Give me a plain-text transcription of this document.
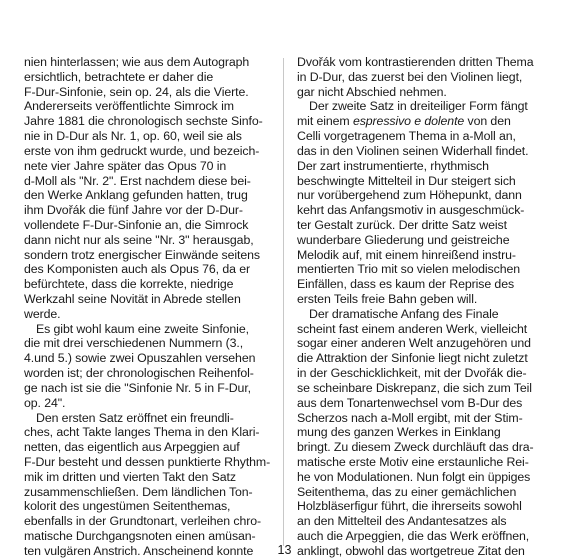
nien hinterlassen; wie aus dem Autograph
ersichtlich, betrachtete er daher die
F-Dur-Sinfonie, sein op. 24, als die Vierte.
Andererseits veröffentlichte Simrock im
Jahre 1881 die chronologisch sechste Sinfo-
nie in D-Dur als Nr. 1, op. 60, weil sie als
erste von ihm gedruckt wurde, und bezeich-
nete vier Jahre später das Opus 70 in
d-Moll als "Nr. 2". Erst nachdem diese bei-
den Werke Anklang gefunden hatten, trug
ihm Dvořák die fünf Jahre vor der D-Dur-
vollendete F-Dur-Sinfonie an, die Simrock
dann nicht nur als seine "Nr. 3" herausgab,
sondern trotz energischer Einwände seitens
des Komponisten auch als Opus 76, da er
befürchtete, dass die korrekte, niedrige
Werkzahl seine Novität in Abrede stellen
werde.
Es gibt wohl kaum eine zweite Sinfonie,
die mit drei verschiedenen Nummern (3.,
4.und 5.) sowie zwei Opuszahlen versehen
worden ist; der chronologischen Reihenfol-
ge nach ist sie die "Sinfonie Nr. 5 in F-Dur,
op. 24".
Den ersten Satz eröffnet ein freundli-
ches, acht Takte langes Thema in den Klari-
netten, das eigentlich aus Arpeggien auf
F-Dur besteht und dessen punktierte Rhythm-
mik im dritten und vierten Takt den Satz
zusammenschließen. Dem ländlichen Ton-
kolorit des ungestümen Seitenthemas,
ebenfalls in der Grundtonart, verleihen chro-
matische Durchgangsnoten einen amüsan-
ten vulgären Anstrich. Anscheinend konnte
Dvořák vom kontrastierenden dritten Thema
in D-Dur, das zuerst bei den Violinen liegt,
gar nicht Abschied nehmen.
Der zweite Satz in dreiteiliger Form fängt
mit einem espressivo e dolente von den
Celli vorgetragenem Thema in a-Moll an,
das in den Violinen seinen Widerhall findet.
Der zart instrumentierte, rhythmisch
beschwingte Mittelteil in Dur steigert sich
nur vorübergehend zum Höhepunkt, dann
kehrt das Anfangsmotiv in ausgeschmück-
ter Gestalt zurück. Der dritte Satz weist
wunderbare Gliederung und geistreiche
Melodik auf, mit einem hinreißend instru-
mentierten Trio mit so vielen melodischen
Einfällen, dass es kaum der Reprise des
ersten Teils freie Bahn geben will.
Der dramatische Anfang des Finale
scheint fast einem anderen Werk, vielleicht
sogar einer anderen Welt anzugehören und
die Attraktion der Sinfonie liegt nicht zuletzt
in der Geschicklichkeit, mit der Dvořák die-
se scheinbare Diskrepanz, die sich zum Teil
aus dem Tonartenwechsel vom B-Dur des
Scherzos nach a-Moll ergibt, mit der Stim-
mung des ganzen Werkes in Einklang
bringt. Zu diesem Zweck durchläuft das dra-
matische erste Motiv eine erstaunliche Rei-
he von Modulationen. Nun folgt ein üppiges
Seitenthema, das zu einer gemächlichen
Holzbläserfigur führt, die ihrerseits sowohl
an den Mittelteil des Andantesatzes als
auch die Arpeggien, die das Werk eröffnen,
anklingt, obwohl das wortgetreue Zitat den
13
